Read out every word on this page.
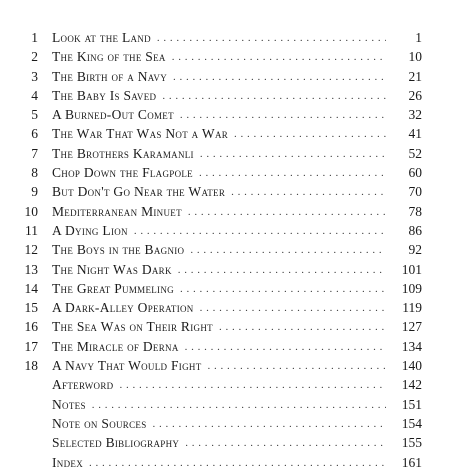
1 Look at the Land . . .	1
2 The King of the Sea . . .	10
3 The Birth of a Navy . . .	21
4 The Baby Is Saved . . .	26
5 A Burned-Out Comet . . .	32
6 The War That Was Not a War . . .	41
7 The Brothers Karamanli . . .	52
8 Chop Down the Flagpole . . .	60
9 But Don't Go Near the Water . . .	70
10 Mediterranean Minuet . . .	78
11 A Dying Lion . . .	86
12 The Boys in the Bagnio . . .	92
13 The Night Was Dark . . .	101
14 The Great Pummeling . . .	109
15 A Dark-Alley Operation . . .	119
16 The Sea Was on Their Right . . .	127
17 The Miracle of Derna . . .	134
18 A Navy That Would Fight . . .	140
Afterword . . .	142
Notes . . .	151
Note on Sources . . .	154
Selected Bibliography . . .	155
Index . . .	161
